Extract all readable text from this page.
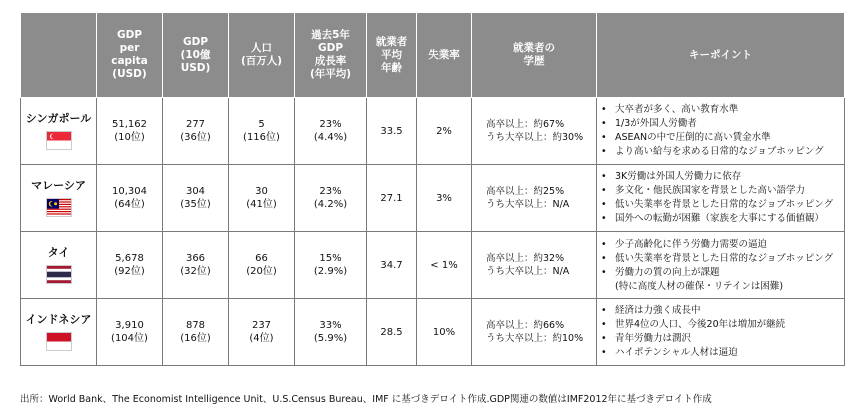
	GDP
per
capita
(USD)	GDP
(10億
USD)	人口
(百万人)	過去5年
GDP
成長率
(年平均)	就業者
平均
年齢	失業率	就業者の
学歴	キーポイント

シンガポール	51,162
(10位)	277
(36位)	5
(116位)	23%
(4.4%)	33.5	2%	高卒以上：約67%
うち大卒以上：約30%	• 大卒者が多く、高い教育水準
• 1/3が外国人労働者
• ASEANの中で圧倒的に高い賃金水準
• より高い給与を求める日常的なジョブホッピング

マレーシア	10,304
(64位)	304
(35位)	30
(41位)	23%
(4.2%)	27.1	3%	高卒以上：約25%
うち大卒以上：N/A	• 3K労働は外国人労働力に依存
• 多文化・他民族国家を背景とした高い語学力
• 低い失業率を背景とした日常的なジョブホッピング
• 国外への転勤が困難（家族を大事にする価値観）

タイ	5,678
(92位)	366
(32位)	66
(20位)	15%
(2.9%)	34.7	< 1%	高卒以上：約32%
うち大卒以上：N/A	• 少子高齢化に伴う労働力需要の逼迫
• 低い失業率を背景とした日常的なジョブホッピング
• 労働力の質の向上が課題
(特に高度人材の確保・リテインは困難)

インドネシア	3,910
(104位)	878
(16位)	237
(4位)	33%
(5.9%)	28.5	10%	高卒以上：約66%
うち大卒以上：約10%	• 経済は力強く成長中
• 世界4位の人口、今後20年は増加が継続
• 青年労働力は潤沢
• ハイポテンシャル人材は逼迫
出所：World Bank、The Economist Intelligence Unit、U.S.Census Bureau、IMF に基づきデロイト作成.GDP関連の数値はIMF2012年に基づきデロイト作成
